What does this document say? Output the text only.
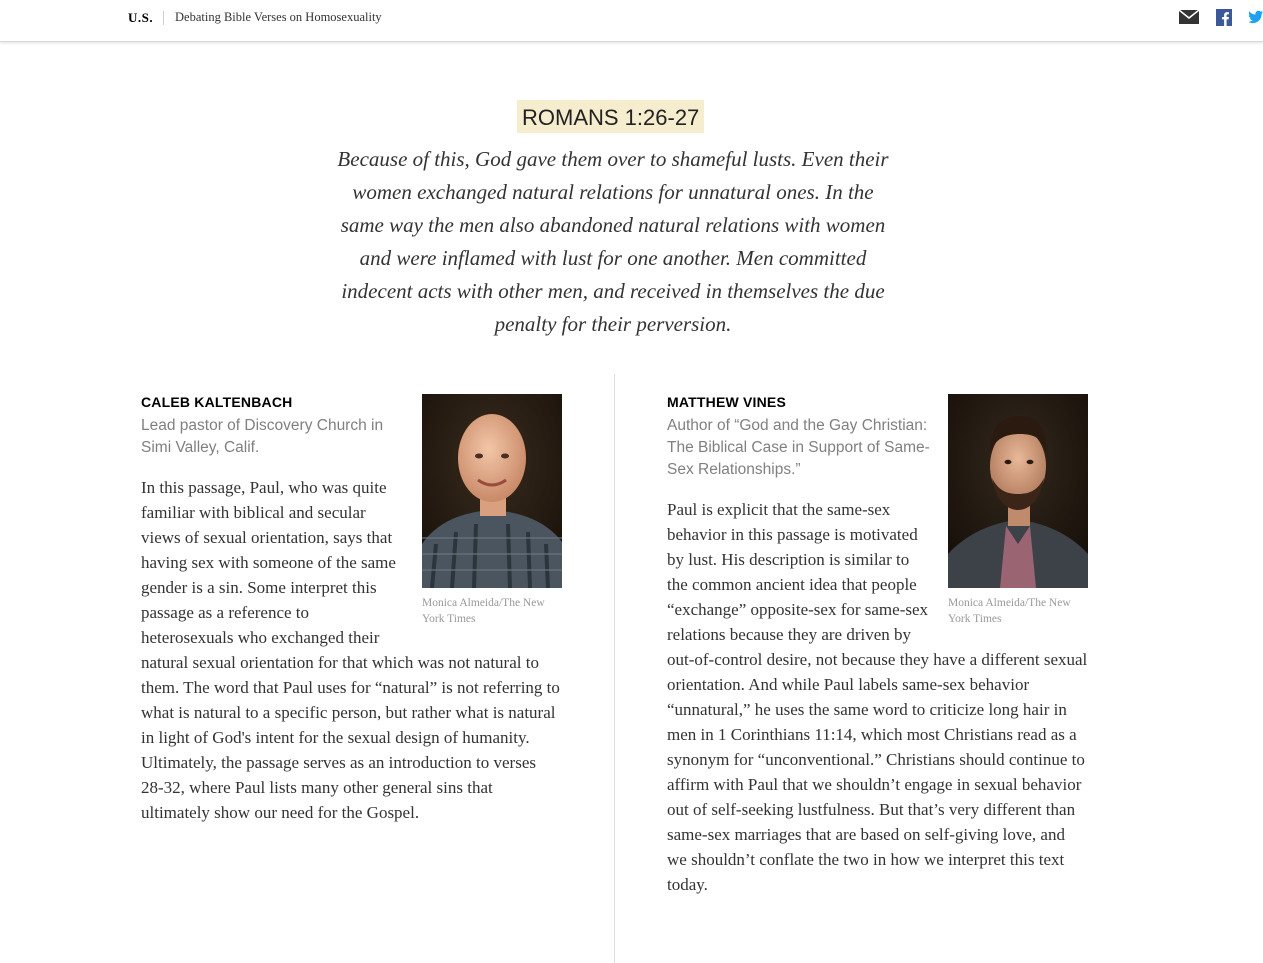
U.S. Debating Bible Verses on Homosexuality
ROMANS 1:26-27
Because of this, God gave them over to shameful lusts. Even their women exchanged natural relations for unnatural ones. In the same way the men also abandoned natural relations with women and were inflamed with lust for one another. Men committed indecent acts with other men, and received in themselves the due penalty for their perversion.
Monica Almeida/The New York Times
CALEB KALTENBACH
Lead pastor of Discovery Church in Simi Valley, Calif.

In this passage, Paul, who was quite familiar with biblical and secular views of sexual orientation, says that having sex with someone of the same gender is a sin. Some interpret this passage as a reference to heterosexuals who exchanged their natural sexual orientation for that which was not natural to them. The word that Paul uses for “natural” is not referring to what is natural to a specific person, but rather what is natural in light of God's intent for the sexual design of humanity. Ultimately, the passage serves as an introduction to verses 28-32, where Paul lists many other general sins that ultimately show our need for the Gospel.

Monica Almeida/The New York Times
MATTHEW VINES
Author of “God and the Gay Christian: The Biblical Case in Support of Same-Sex Relationships.”

Paul is explicit that the same-sex behavior in this passage is motivated by lust. His description is similar to the common ancient idea that people “exchange” opposite-sex for same-sex relations because they are driven by out-of-control desire, not because they have a different sexual orientation. And while Paul labels same-sex behavior “unnatural,” he uses the same word to criticize long hair in men in 1 Corinthians 11:14, which most Christians read as a synonym for “unconventional.” Christians should continue to affirm with Paul that we shouldn’t engage in sexual behavior out of self-seeking lustfulness. But that’s very different than same-sex marriages that are based on self-giving love, and we shouldn’t conflate the two in how we interpret this text today.
